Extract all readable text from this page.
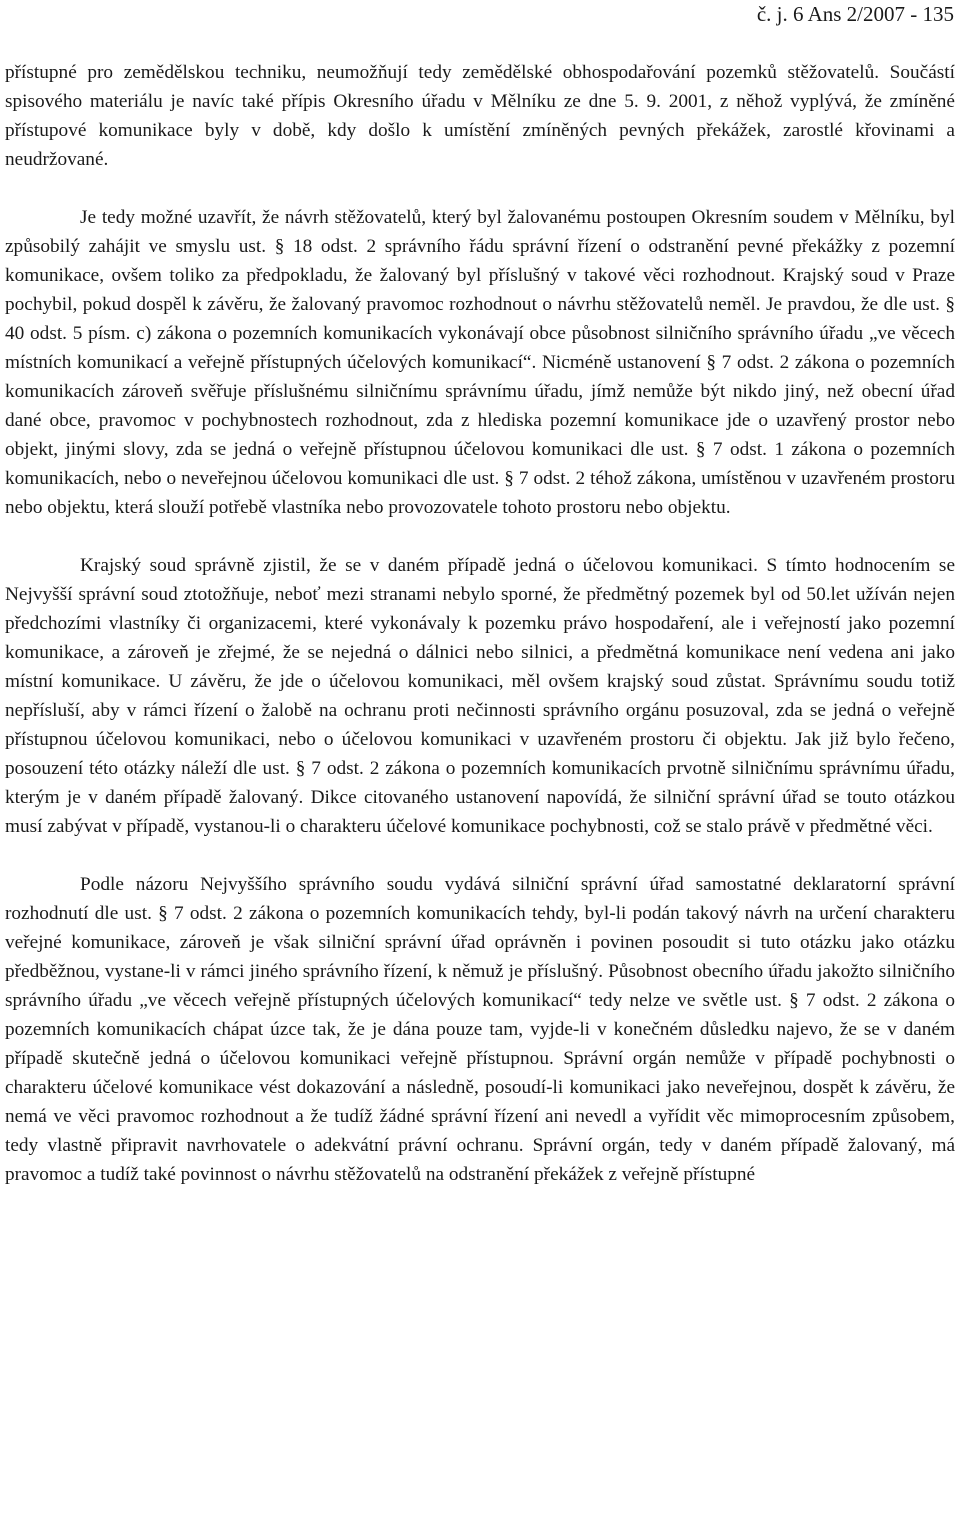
č. j. 6 Ans 2/2007 - 135

přístupné pro zemědělskou techniku, neumožňují tedy zemědělské obhospodařování pozemků stěžovatelů. Součástí spisového materiálu je navíc také přípis Okresního úřadu v Mělníku ze dne 5. 9. 2001, z něhož vyplývá, že zmíněné přístupové komunikace byly v době, kdy došlo k umístění zmíněných pevných překážek, zarostlé křovinami a neudržované.

Je tedy možné uzavřít, že návrh stěžovatelů, který byl žalovanému postoupen Okresním soudem v Mělníku, byl způsobilý zahájit ve smyslu ust. § 18 odst. 2 správního řádu správní řízení o odstranění pevné překážky z pozemní komunikace, ovšem toliko za předpokladu, že žalovaný byl příslušný v takové věci rozhodnout. Krajský soud v Praze pochybil, pokud dospěl k závěru, že žalovaný pravomoc rozhodnout o návrhu stěžovatelů neměl. Je pravdou, že dle ust. § 40 odst. 5 písm. c) zákona o pozemních komunikacích vykonávají obce působnost silničního správního úřadu „ve věcech místních komunikací a veřejně přístupných účelových komunikací“. Nicméně ustanovení § 7 odst. 2 zákona o pozemních komunikacích zároveň svěřuje příslušnému silničnímu správnímu úřadu, jímž nemůže být nikdo jiný, než obecní úřad dané obce, pravomoc v pochybnostech rozhodnout, zda z hlediska pozemní komunikace jde o uzavřený prostor nebo objekt, jinými slovy, zda se jedná o veřejně přístupnou účelovou komunikaci dle ust. § 7 odst. 1 zákona o pozemních komunikacích, nebo o neveřejnou účelovou komunikaci dle ust. § 7 odst. 2 téhož zákona, umístěnou v uzavřeném prostoru nebo objektu, která slouží potřebě vlastníka nebo provozovatele tohoto prostoru nebo objektu.

Krajský soud správně zjistil, že se v daném případě jedná o účelovou komunikaci. S tímto hodnocením se Nejvyšší správní soud ztotožňuje, neboť mezi stranami nebylo sporné, že předmětný pozemek byl od 50.let užíván nejen předchozími vlastníky či organizacemi, které vykonávaly k pozemku právo hospodaření, ale i veřejností jako pozemní komunikace, a zároveň je zřejmé, že se nejedná o dálnici nebo silnici, a předmětná komunikace není vedena ani jako místní komunikace. U závěru, že jde o účelovou komunikaci, měl ovšem krajský soud zůstat. Správnímu soudu totiž nepřísluší, aby v rámci řízení o žalobě na ochranu proti nečinnosti správního orgánu posuzoval, zda se jedná o veřejně přístupnou účelovou komunikaci, nebo o účelovou komunikaci v uzavřeném prostoru či objektu. Jak již bylo řečeno, posouzení této otázky náleží dle ust. § 7 odst. 2 zákona o pozemních komunikacích prvotně silničnímu správnímu úřadu, kterým je v daném případě žalovaný. Dikce citovaného ustanovení napovídá, že silniční správní úřad se touto otázkou musí zabývat v případě, vystanou-li o charakteru účelové komunikace pochybnosti, což se stalo právě v předmětné věci.

Podle názoru Nejvyššího správního soudu vydává silniční správní úřad samostatné deklaratorní správní rozhodnutí dle ust. § 7 odst. 2 zákona o pozemních komunikacích tehdy, byl-li podán takový návrh na určení charakteru veřejné komunikace, zároveň je však silniční správní úřad oprávněn i povinen posoudit si tuto otázku jako otázku předběžnou, vystane-li v rámci jiného správního řízení, k němuž je příslušný. Působnost obecního úřadu jakožto silničního správního úřadu „ve věcech veřejně přístupných účelových komunikací“ tedy nelze ve světle ust. § 7 odst. 2 zákona o pozemních komunikacích chápat úzce tak, že je dána pouze tam, vyjde-li v konečném důsledku najevo, že se v daném případě skutečně jedná o účelovou komunikaci veřejně přístupnou. Správní orgán nemůže v případě pochybnosti o charakteru účelové komunikace vést dokazování a následně, posoudí-li komunikaci jako neveřejnou, dospět k závěru, že nemá ve věci pravomoc rozhodnout a že tudíž žádné správní řízení ani nevedl a vyřídit věc mimoprocesním způsobem, tedy vlastně připravit navrhovatele o adekvátní právní ochranu. Správní orgán, tedy v daném případě žalovaný, má pravomoc a tudíž také povinnost o návrhu stěžovatelů na odstranění překážek z veřejně přístupné
